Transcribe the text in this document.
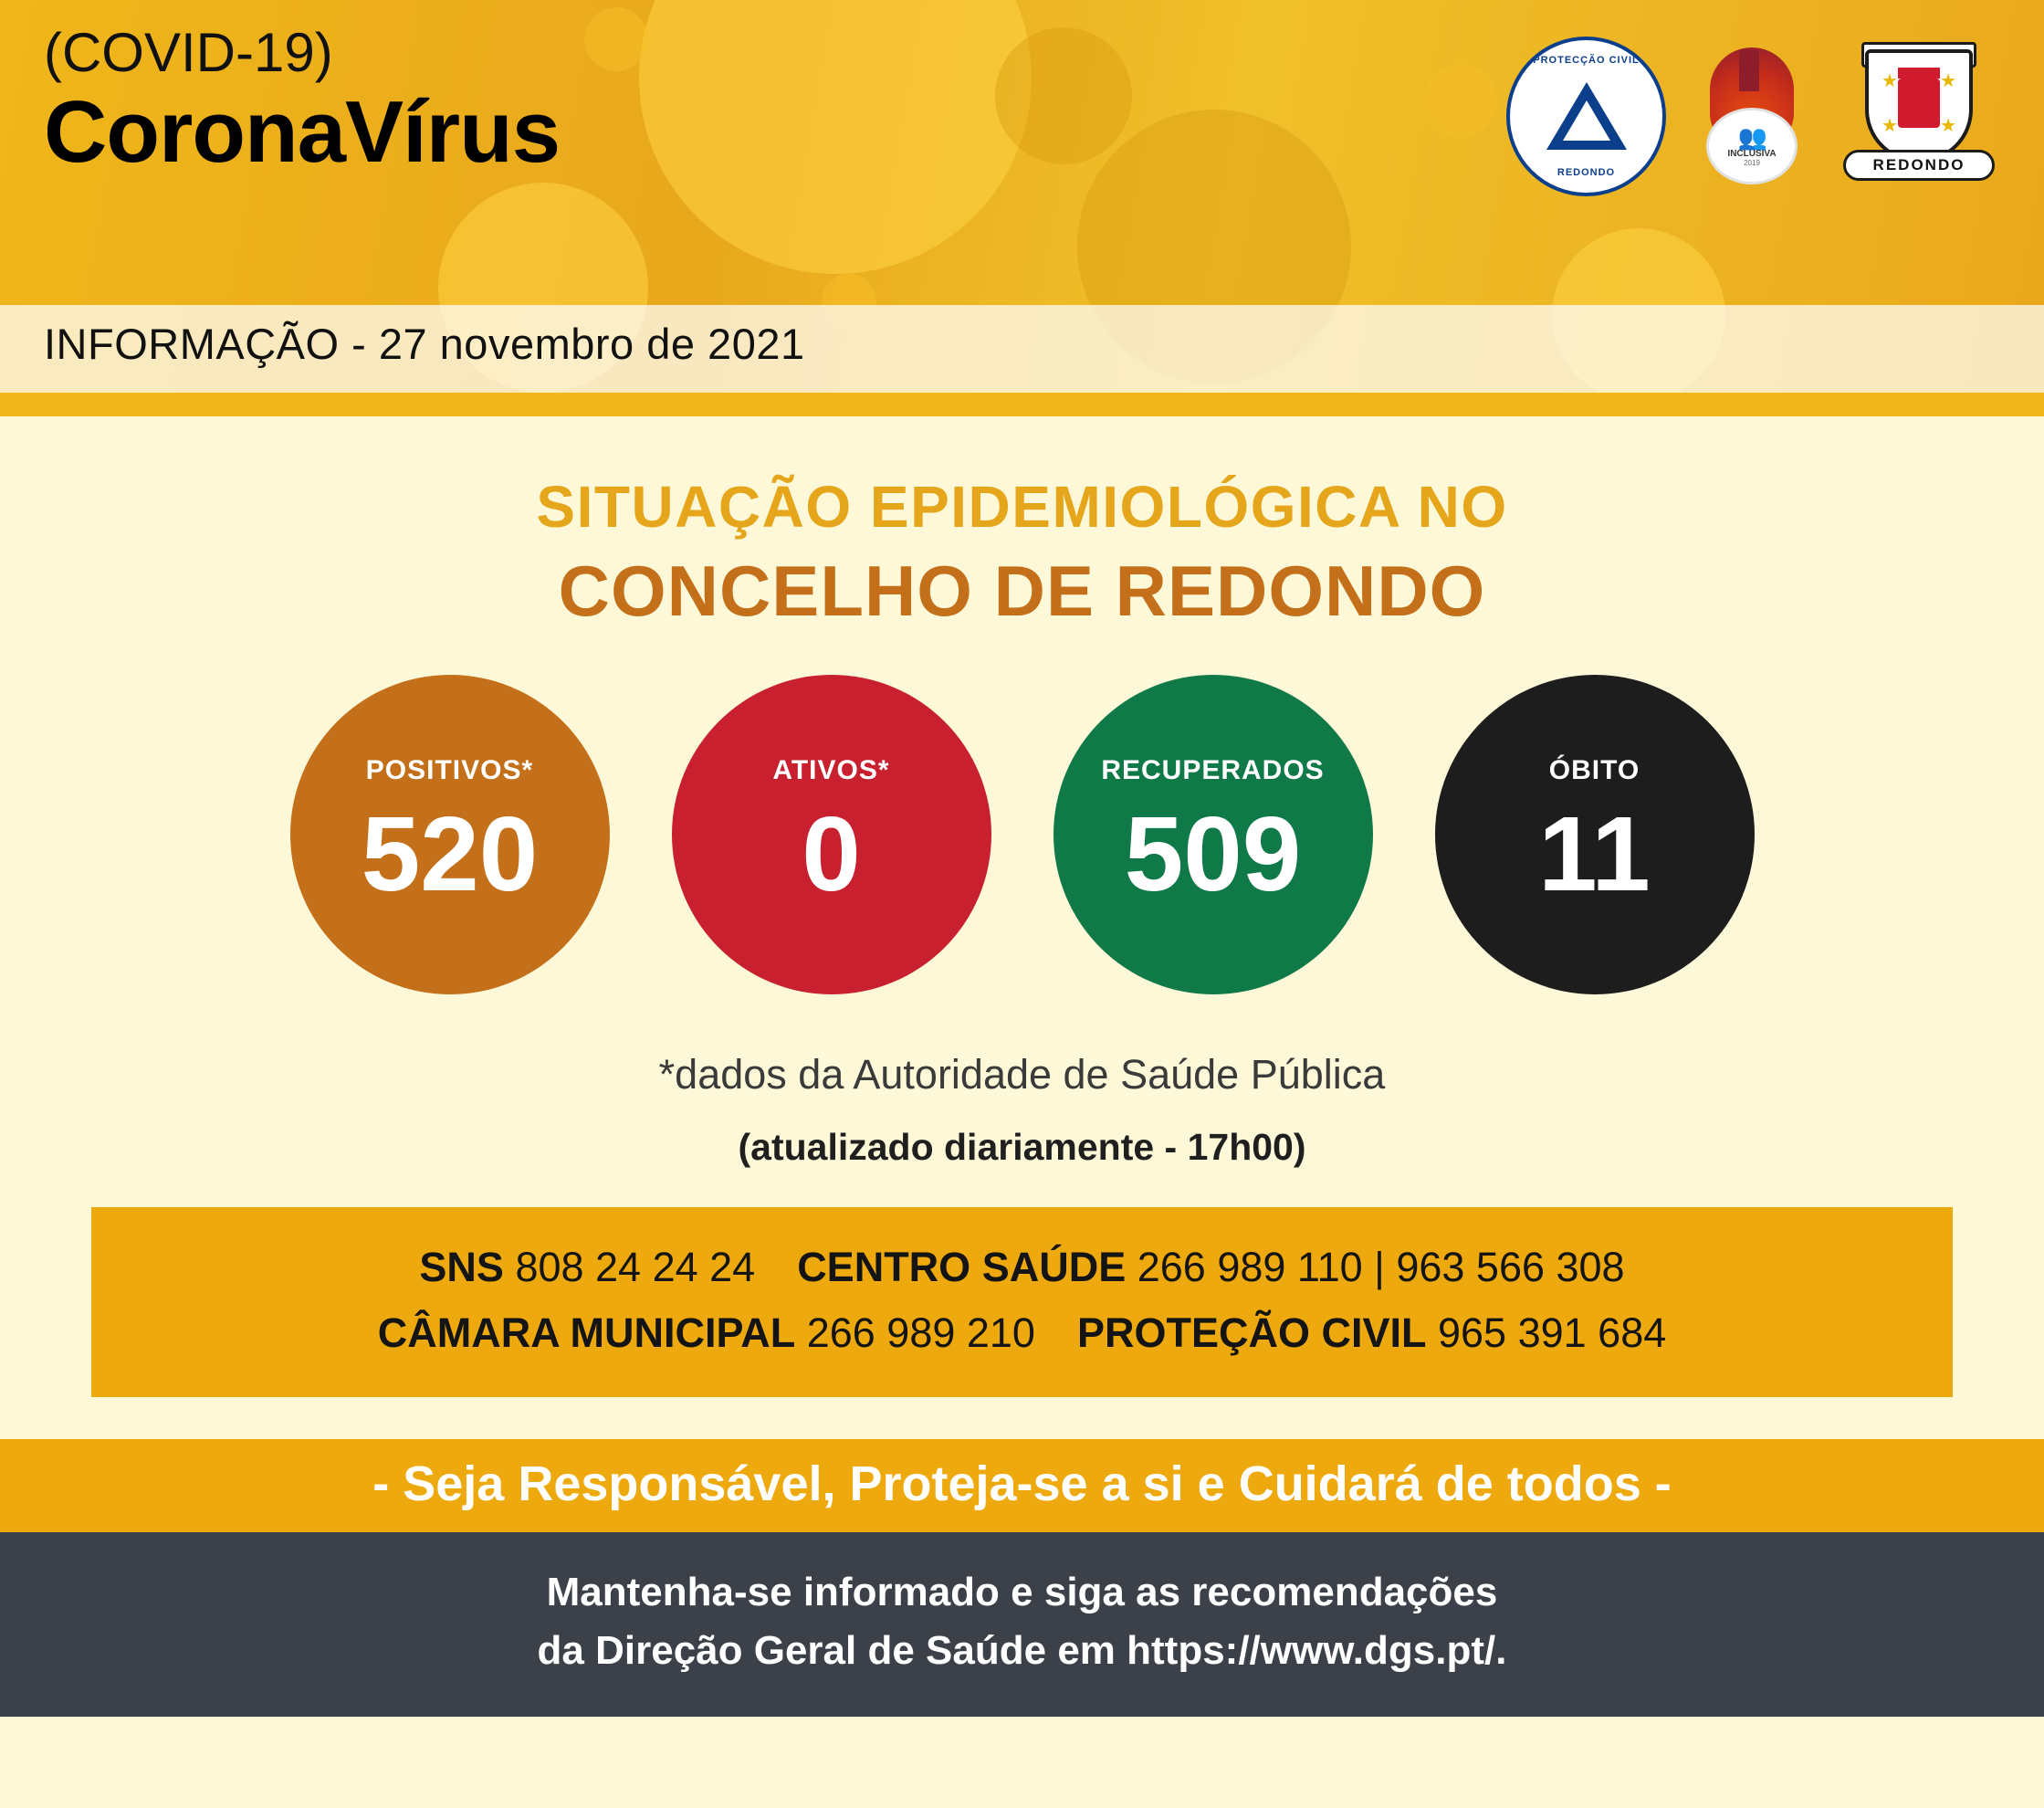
(COVID-19)
CoronaVírus
INFORMAÇÃO - 27 novembro de 2021
PROTECÇÃO CIVIL
REDONDO
👥
INCLUSIVA
2019
★ ★
★ ★
REDONDO
SITUAÇÃO EPIDEMIOLÓGICA NO
CONCELHO DE REDONDO
POSITIVOS*
520
ATIVOS*
0
RECUPERADOS
509
ÓBITO
11
*dados da Autoridade de Saúde Pública
(atualizado diariamente - 17h00)
SNS 808 24 24 24 CENTRO SAÚDE 266 989 110 | 963 566 308
CÂMARA MUNICIPAL 266 989 210 PROTEÇÃO CIVIL 965 391 684
- Seja Responsável, Proteja-se a si e Cuidará de todos -
Mantenha-se informado e siga as recomendações
da Direção Geral de Saúde em https://www.dgs.pt/.
